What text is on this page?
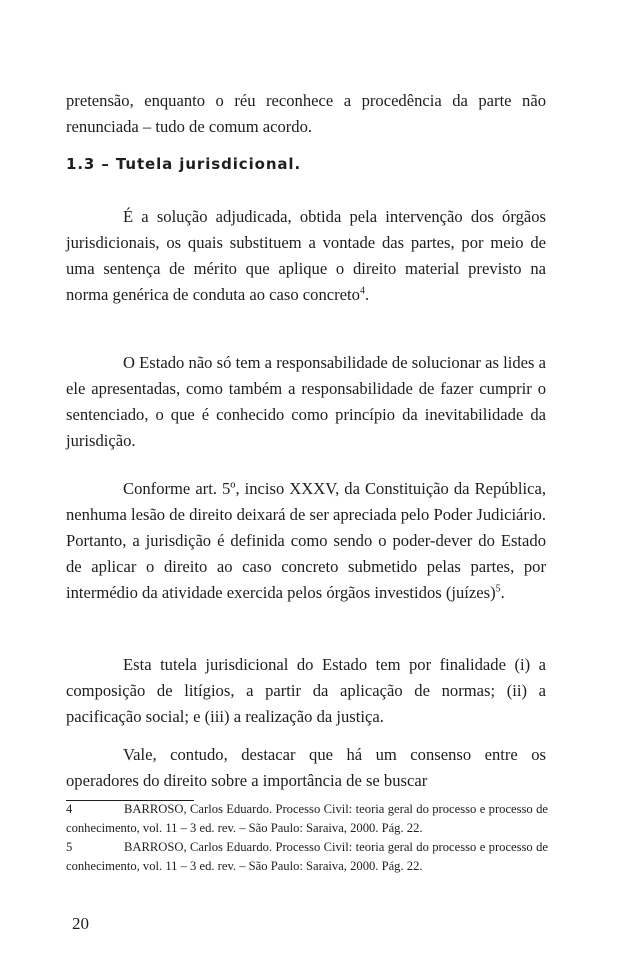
pretensão, enquanto o réu reconhece a procedência da parte não renunciada – tudo de comum acordo.

1.3 – Tutela jurisdicional.

É a solução adjudicada, obtida pela intervenção dos órgãos jurisdicionais, os quais substituem a vontade das partes, por meio de uma sentença de mérito que aplique o direito material previsto na norma genérica de conduta ao caso concreto$^4$.

O Estado não só tem a responsabilidade de solucionar as lides a ele apresentadas, como também a responsabilidade de fazer cumprir o sentenciado, o que é conhecido como princípio da inevitabilidade da jurisdição.

Conforme art. 5º, inciso XXXV, da Constituição da República, nenhuma lesão de direito deixará de ser apreciada pelo Poder Judiciário. Portanto, a jurisdição é definida como sendo o poder-dever do Estado de aplicar o direito ao caso concreto submetido pelas partes, por intermédio da atividade exercida pelos órgãos investidos (juízes)$^5$.

Esta tutela jurisdicional do Estado tem por finalidade (i) a composição de litígios, a partir da aplicação de normas; (ii) a pacificação social; e (iii) a realização da justiça.

Vale, contudo, destacar que há um consenso entre os operadores do direito sobre a importância de se buscar

4	BARROSO, Carlos Eduardo. Processo Civil: teoria geral do processo e processo de conhecimento, vol. 11 – 3 ed. rev. – São Paulo: Saraiva, 2000. Pág. 22.

5	BARROSO, Carlos Eduardo. Processo Civil: teoria geral do processo e processo de conhecimento, vol. 11 – 3 ed. rev. – São Paulo: Saraiva, 2000. Pág. 22.

20
